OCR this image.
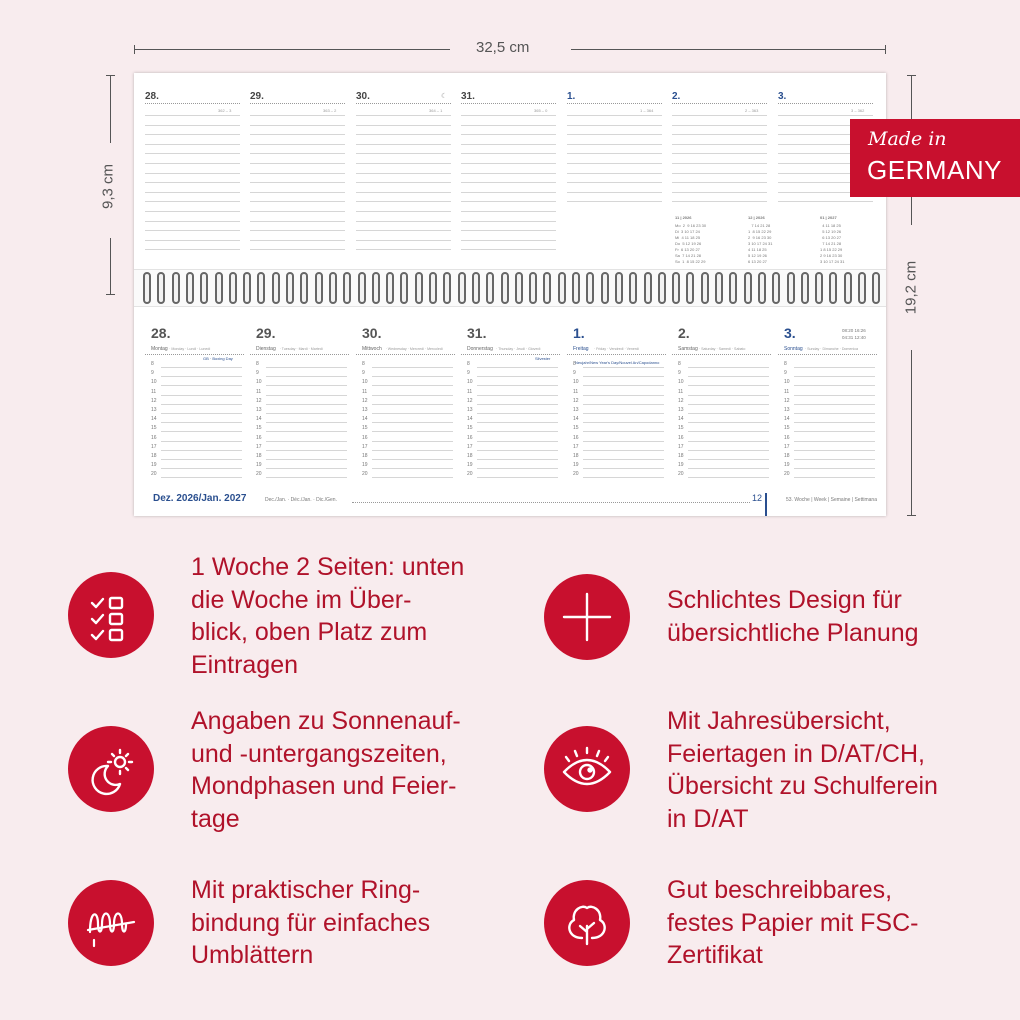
32,5 cm
9,3 cm
19,2 cm
Dez. 2026/Jan. 2027	Dec./Jan. · Déc./Jan. · Dic./Gen.	12	53. Woche | Week | Semaine | Settimana
08:20 16:26
04:31 12:40
28.
362 – 3
29.
363 – 2
30.
364 – 1
☾ 31.
365 – 0
1.
1 – 364
2.
2 – 363
3.
3 – 362
11 | 2026
Mo  2  9 16 23 30
Di  3 10 17 24
Mi  4 11 18 25
Do  5 12 19 26
Fr  6 13 20 27
Sa  7 14 21 28
So  1  8 15 22 29
12 | 2026
7 14 21 28
1  8 15 22 29
2  9 16 23 30
3 10 17 24 31
4 11 18 25
5 12 19 26
6 13 20 27
01 | 2027
4 11 18 25
5 12 19 26
6 13 20 27
7 14 21 28
1 8 15 22 29
2 9 16 23 30
3 10 17 24 31
28.
Montag · Monday · Lundi · Lunedì
GB · Boxing Day
8
9
10
11
12
13
14
15
16
17
18
19
20
29.
Dienstag · Tuesday · Mardi · Martedì
8
9
10
11
12
13
14
15
16
17
18
19
20
30.
Mittwoch · Wednesday · Mercredi · Mercoledì
8
9
10
11
12
13
14
15
16
17
18
19
20
31.
Donnerstag · Thursday · Jeudi · Giovedì
Silvester
8
9
10
11
12
13
14
15
16
17
18
19
20
1.
Freitag · Friday · Vendredi · Venerdì
Neujahr/New Year's Day/Nouvel An/Capodanno
8
9
10
11
12
13
14
15
16
17
18
19
20
2.
Samstag · Saturday · Samedi · Sabato
8
9
10
11
12
13
14
15
16
17
18
19
20
3.
Sonntag · Sunday · Dimanche · Domenica
8
9
10
11
12
13
14
15
16
17
18
19
20
Made in
GERMANY
1 Woche 2 Seiten: unten
die Woche im Über-
blick, oben Platz zum
Eintragen
Schlichtes Design für
übersichtliche Planung
Angaben zu Sonnenauf-
und -untergangszeiten,
Mondphasen und Feier-
tage
Mit Jahresübersicht,
Feiertagen in D/AT/CH,
Übersicht zu Schulferein
in D/AT
Mit praktischer Ring-
bindung für einfaches
Umblättern
Gut beschreibbares,
festes Papier mit FSC-
Zertifikat
